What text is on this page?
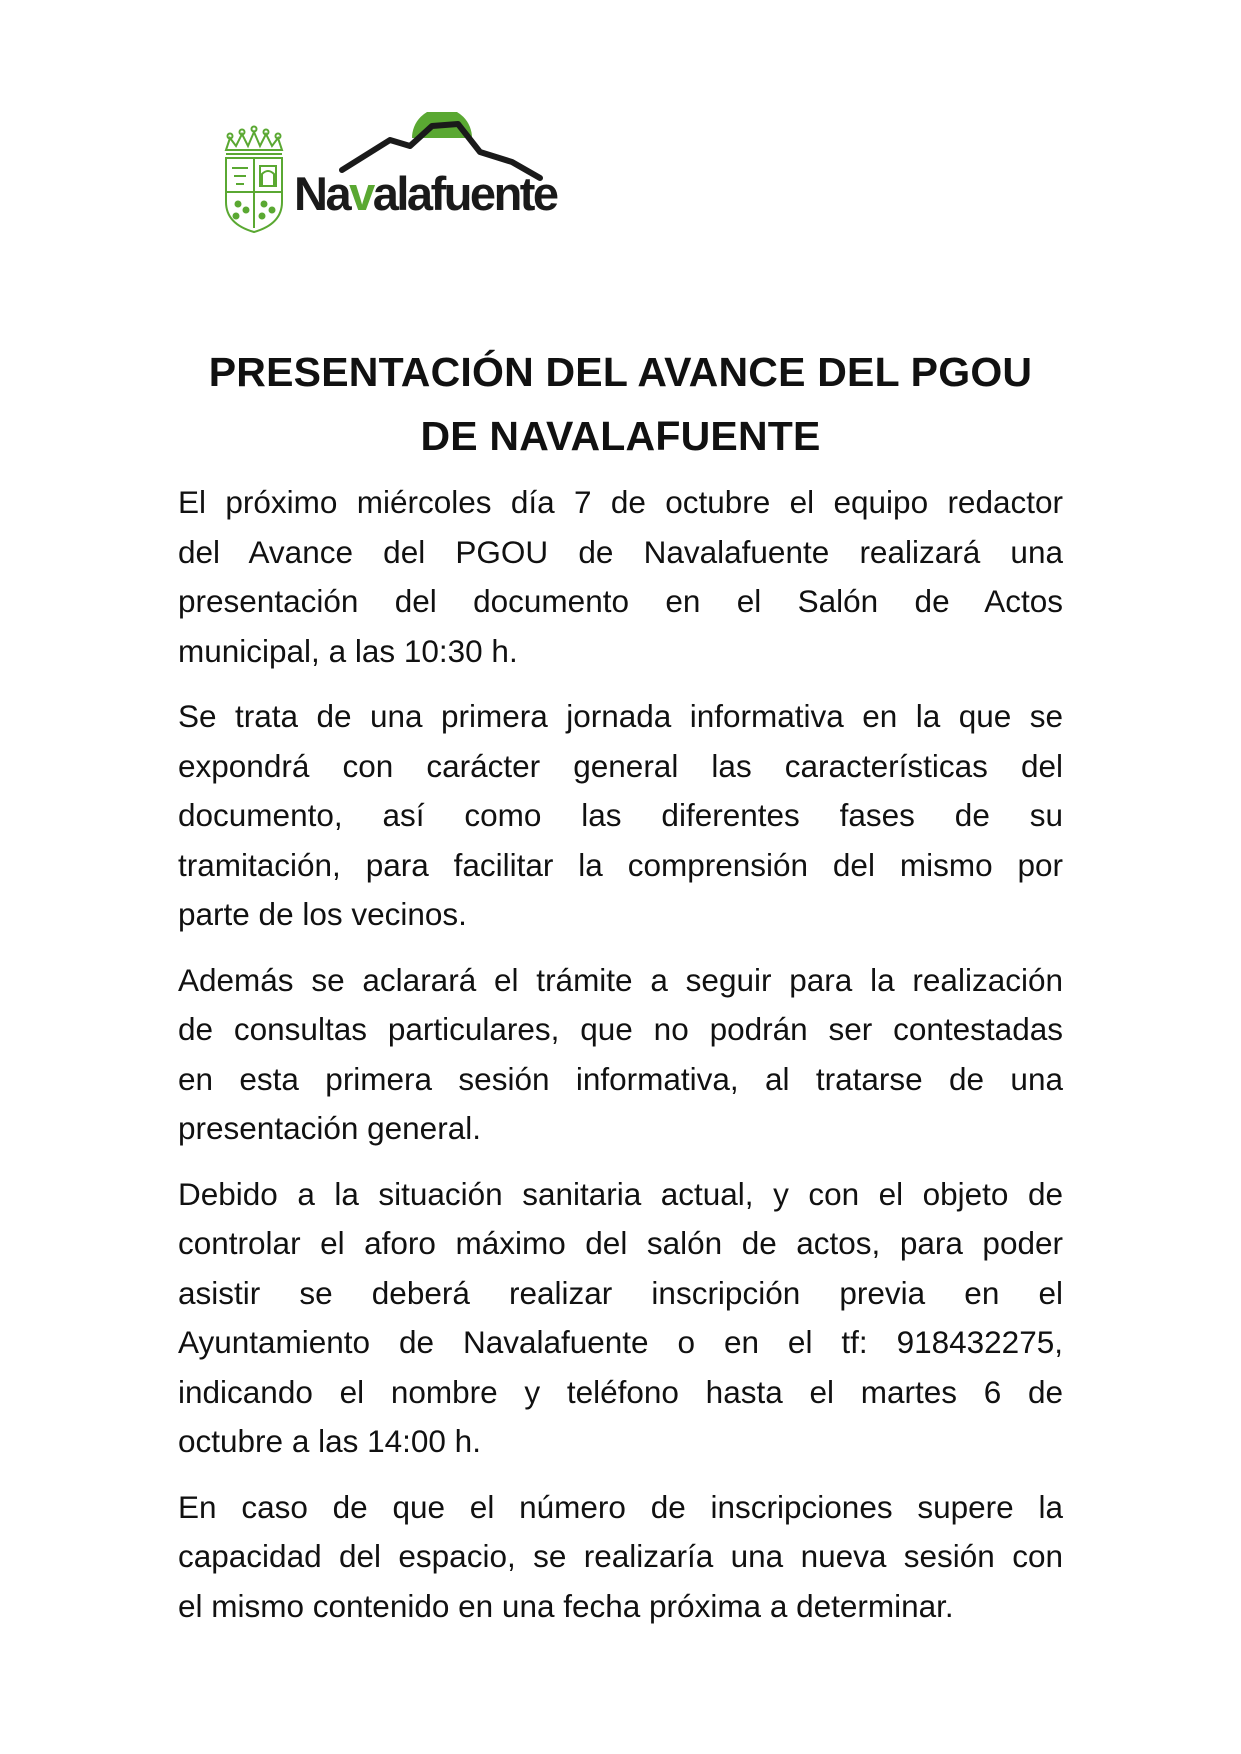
Navalafuente
PRESENTACIÓN DEL AVANCE DEL PGOU
DE NAVALAFUENTE

El próximo miércoles día 7 de octubre el equipo redactor
del Avance del PGOU de Navalafuente realizará una
presentación del documento en el Salón de Actos
municipal, a las 10:30 h.

Se trata de una primera jornada informativa en la que se
expondrá con carácter general las características del
documento, así como las diferentes fases de su
tramitación, para facilitar la comprensión del mismo por
parte de los vecinos.

Además se aclarará el trámite a seguir para la realización
de consultas particulares, que no podrán ser contestadas
en esta primera sesión informativa, al tratarse de una
presentación general.

Debido a la situación sanitaria actual, y con el objeto de
controlar el aforo máximo del salón de actos, para poder
asistir se deberá realizar inscripción previa en el
Ayuntamiento de Navalafuente o en el tf: 918432275,
indicando el nombre y teléfono hasta el martes 6 de
octubre a las 14:00 h.

En caso de que el número de inscripciones supere la
capacidad del espacio, se realizaría una nueva sesión con
el mismo contenido en una fecha próxima a determinar.
